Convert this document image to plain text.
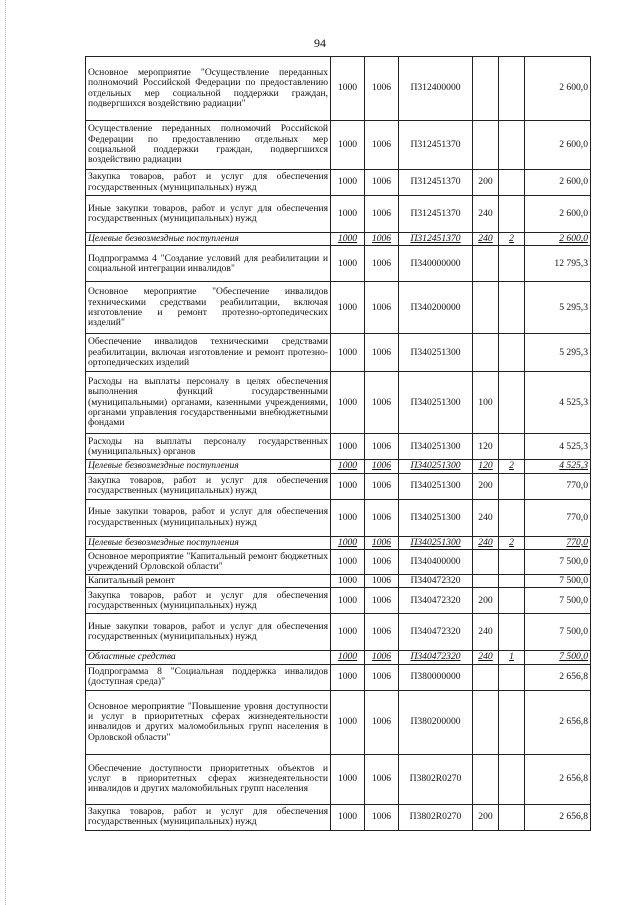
94
Основное мероприятие "Осуществление переданных полномочий Российской Федерации по предоставлению отдельных мер социальной поддержки граждан, подвергшихся воздействию радиации"	1000	1006	П312400000			2 600,0
Осуществление переданных полномочий Российской Федерации по предоставлению отдельных мер социальной поддержки граждан, подвергшихся воздействию радиации	1000	1006	П312451370			2 600,0
Закупка товаров, работ и услуг для обеспечения государственных (муниципальных) нужд	1000	1006	П312451370	200		2 600,0
Иные закупки товаров, работ и услуг для обеспечения государственных (муниципальных) нужд	1000	1006	П312451370	240		2 600,0
Целевые безвозмездные поступления	1000	1006	П312451370	240	2	2 600,0
Подпрограмма 4 "Создание условий для реабилитации и социальной интеграции инвалидов"	1000	1006	П340000000			12 795,3
Основное мероприятие "Обеспечение инвалидов техническими средствами реабилитации, включая изготовление и ремонт протезно-ортопедических изделий"	1000	1006	П340200000			5 295,3
Обеспечение инвалидов техническими средствами реабилитации, включая изготовление и ремонт протезно-ортопедических изделий	1000	1006	П340251300			5 295,3
Расходы на выплаты персоналу в целях обеспечения выполнения функций государственными (муниципальными) органами, казенными учреждениями, органами управления государственными внебюджетными фондами	1000	1006	П340251300	100		4 525,3
Расходы на выплаты персоналу государственных (муниципальных) органов	1000	1006	П340251300	120		4 525,3
Целевые безвозмездные поступления	1000	1006	П340251300	120	2	4 525,3
Закупка товаров, работ и услуг для обеспечения государственных (муниципальных) нужд	1000	1006	П340251300	200		770,0
Иные закупки товаров, работ и услуг для обеспечения государственных (муниципальных) нужд	1000	1006	П340251300	240		770,0
Целевые безвозмездные поступления	1000	1006	П340251300	240	2	770,0
Основное мероприятие "Капитальный ремонт бюджетных учреждений Орловской области"	1000	1006	П340400000			7 500,0
Капитальный ремонт	1000	1006	П340472320			7 500,0
Закупка товаров, работ и услуг для обеспечения государственных (муниципальных) нужд	1000	1006	П340472320	200		7 500,0
Иные закупки товаров, работ и услуг для обеспечения государственных (муниципальных) нужд	1000	1006	П340472320	240		7 500,0
Областные средства	1000	1006	П340472320	240	1	7 500,0
Подпрограмма 8 "Социальная поддержка инвалидов (доступная среда)"	1000	1006	П380000000			2 656,8
Основное мероприятие "Повышение уровня доступности и услуг в приоритетных сферах жизнедеятельности инвалидов и других маломобильных групп населения в Орловской области"	1000	1006	П380200000			2 656,8
Обеспечение доступности приоритетных объектов и услуг в приоритетных сферах жизнедеятельности инвалидов и других маломобильных групп населения	1000	1006	П3802R0270			2 656,8
Закупка товаров, работ и услуг для обеспечения государственных (муниципальных) нужд	1000	1006	П3802R0270	200		2 656,8
